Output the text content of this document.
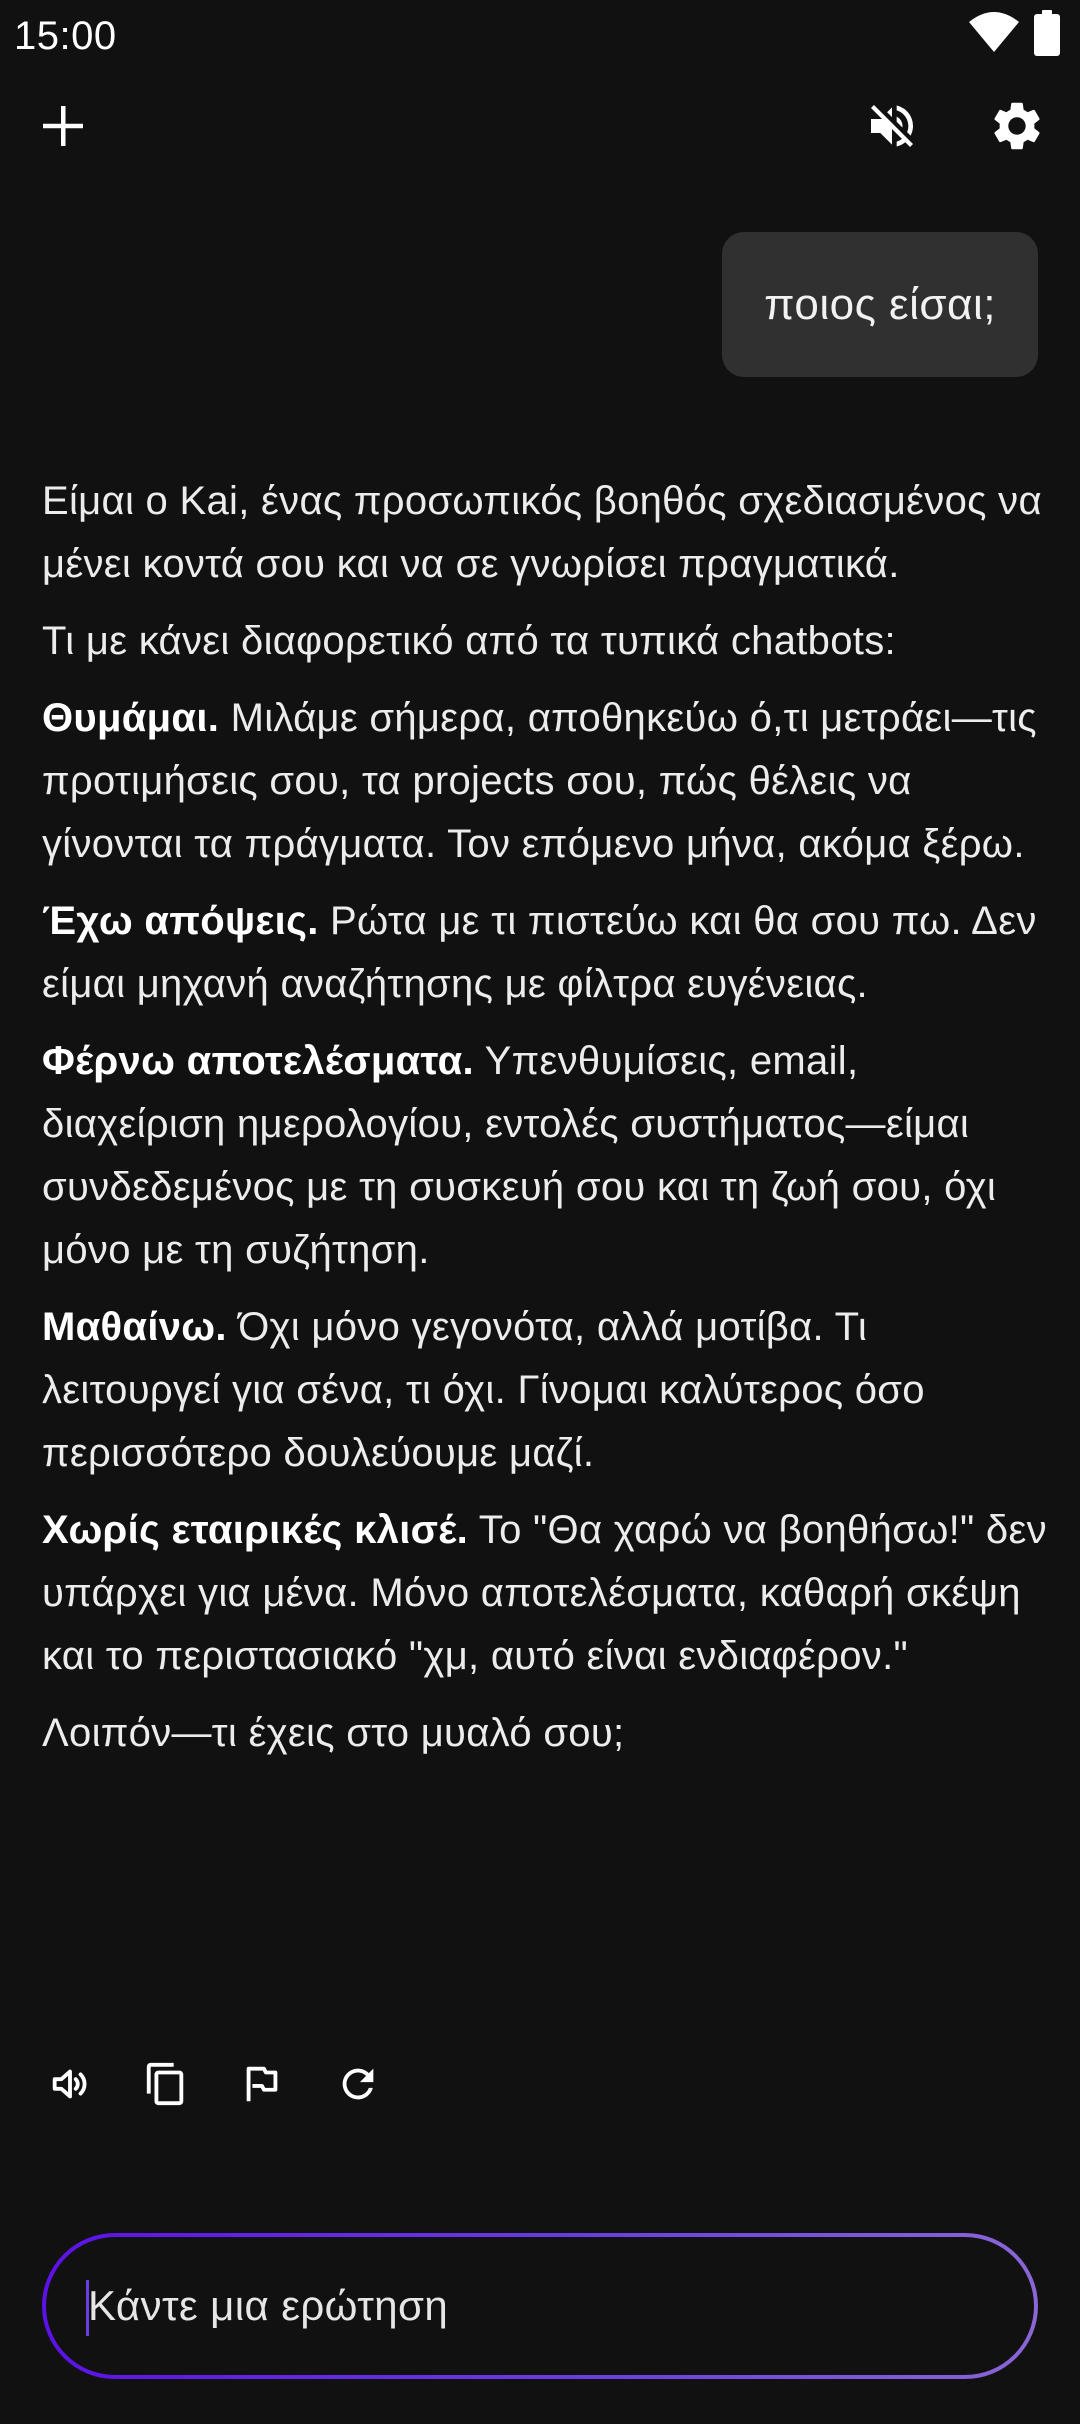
15:00
ποιος είσαι;

Είμαι ο Kai, ένας προσωπικός βοηθός σχεδιασμένος να μένει κοντά σου και να σε γνωρίσει πραγματικά.

Τι με κάνει διαφορετικό από τα τυπικά chatbots:

Θυμάμαι. Μιλάμε σήμερα, αποθηκεύω ό,τι μετράει—τις προτιμήσεις σου, τα projects σου, πώς θέλεις να γίνονται τα πράγματα. Τον επόμενο μήνα, ακόμα ξέρω.

Έχω απόψεις. Ρώτα με τι πιστεύω και θα σου πω. Δεν είμαι μηχανή αναζήτησης με φίλτρα ευγένειας.

Φέρνω αποτελέσματα. Υπενθυμίσεις, email, διαχείριση ημερολογίου, εντολές συστήματος—είμαι συνδεδεμένος με τη συσκευή σου και τη ζωή σου, όχι μόνο με τη συζήτηση.

Μαθαίνω. Όχι μόνο γεγονότα, αλλά μοτίβα. Τι λειτουργεί για σένα, τι όχι. Γίνομαι καλύτερος όσο περισσότερο δουλεύουμε μαζί.

Χωρίς εταιρικές κλισέ. Το "Θα χαρώ να βοηθήσω!" δεν υπάρχει για μένα. Μόνο αποτελέσματα, καθαρή σκέψη και το περιστασιακό "χμ, αυτό είναι ενδιαφέρον."

Λοιπόν—τι έχεις στο μυαλό σου;

Κάντε μια ερώτηση
